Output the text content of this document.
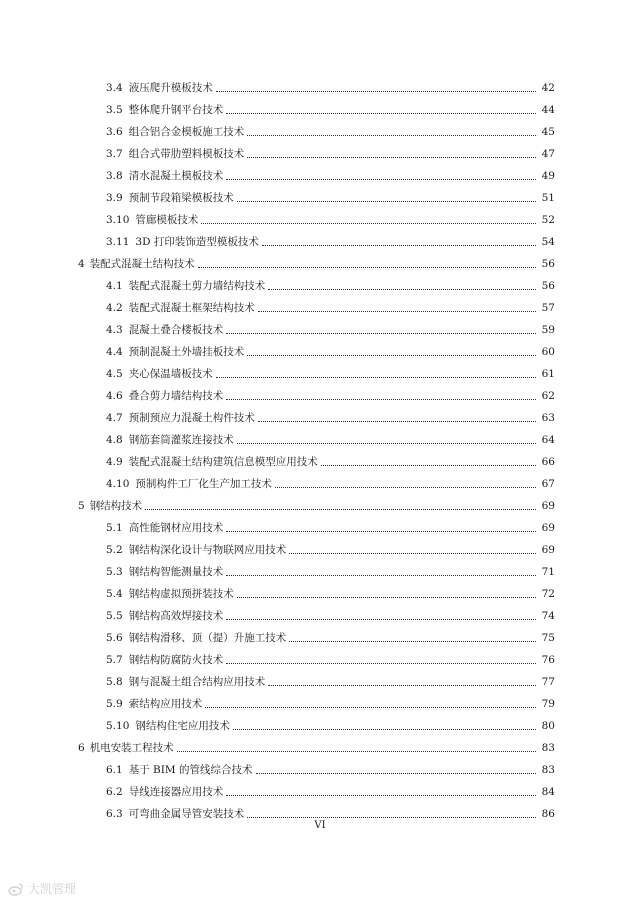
3.4 液压爬升模板技术	42
3.5 整体爬升钢平台技术	44
3.6 组合铝合金模板施工技术	45
3.7 组合式带肋塑料模板技术	47
3.8 清水混凝土模板技术	49
3.9 预制节段箱梁模板技术	51
3.10 管廊模板技术	52
3.11 3D 打印装饰造型模板技术	54
4 装配式混凝土结构技术	56
4.1 装配式混凝土剪力墙结构技术	56
4.2 装配式混凝土框架结构技术	57
4.3 混凝土叠合楼板技术	59
4.4 预制混凝土外墙挂板技术	60
4.5 夹心保温墙板技术	61
4.6 叠合剪力墙结构技术	62
4.7 预制预应力混凝土构件技术	63
4.8 钢筋套筒灌浆连接技术	64
4.9 装配式混凝土结构建筑信息模型应用技术	66
4.10 预制构件工厂化生产加工技术	67
5 钢结构技术	69
5.1 高性能钢材应用技术	69
5.2 钢结构深化设计与物联网应用技术	69
5.3 钢结构智能测量技术	71
5.4 钢结构虚拟预拼装技术	72
5.5 钢结构高效焊接技术	74
5.6 钢结构滑移、顶（提）升施工技术	75
5.7 钢结构防腐防火技术	76
5.8 钢与混凝土组合结构应用技术	77
5.9 索结构应用技术	79
5.10 钢结构住宅应用技术	80
6 机电安装工程技术	83
6.1 基于 BIM 的管线综合技术	83
6.2 导线连接器应用技术	84
6.3 可弯曲金属导管安装技术	86
VI
大凯管理
